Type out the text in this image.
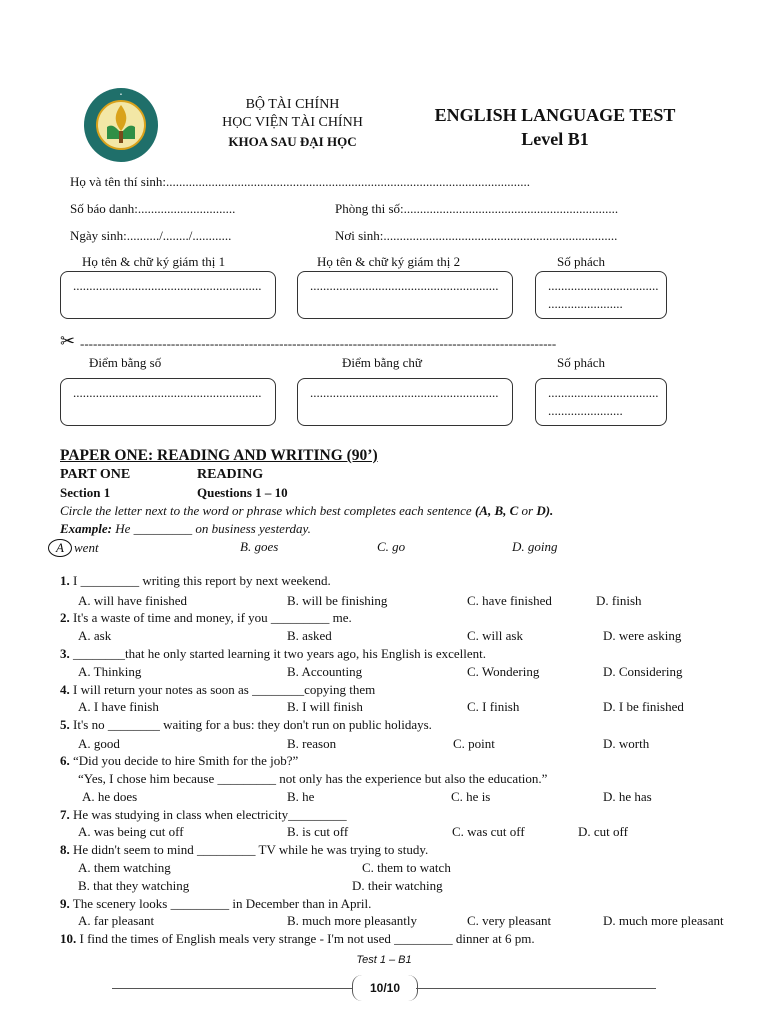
•
BỘ TÀI CHÍNH
HỌC VIỆN TÀI CHÍNH
KHOA SAU ĐẠI HỌC
ENGLISH LANGUAGE TEST
Level B1
Họ và tên thí sinh:................................................................................................................
Số báo danh:..............................	Phòng thi số:..................................................................
Ngày sinh:........../......../............	Nơi sinh:........................................................................
Họ tên & chữ ký giám thị 1	Họ tên & chữ ký giám thị 2	Số phách
..........................................................	..........................................................	..................................
.......................
✂ --------------------------------------------------------------------------------------------------------------
Điểm bằng số	Điểm bằng chữ	Số phách
..........................................................	..........................................................	..................................
.......................
PAPER ONE: READING AND WRITING (90’)
PART ONE	READING
Section 1	Questions 1 – 10
Circle the letter next to the word or phrase which best completes each sentence (A, B, C or D).
Example: He _________ on business yesterday.
A went	B. goes	C. go	D. going
1. I _________ writing this report by next weekend.
A. will have finished	B. will be finishing	C. have finished	D. finish
2. It's a waste of time and money, if you _________ me.
A. ask	B. asked	C. will ask	D. were asking
3. ________that he only started learning it two years ago, his English is excellent.
A. Thinking	B. Accounting	C. Wondering	D. Considering
4. I will return your notes as soon as ________copying them
A. I have finish	B. I will finish	C. I finish	D. I be finished
5. It's no ________ waiting for a bus: they don't run on public holidays.
A. good	B. reason	C. point	D. worth
6. “Did you decide to hire Smith for the job?”
“Yes, I chose him because _________ not only has the experience but also the education.”
A. he does	B. he	C. he is	D. he has
7. He was studying in class when electricity_________
A. was being cut off	B. is cut off	C. was cut off	D. cut off
8. He didn't seem to mind _________ TV while he was trying to study.
A. them watching	C. them to watch
B. that they watching	D. their watching
9. The scenery looks _________ in December than in April.
A. far pleasant	B. much more pleasantly	C. very pleasant	D. much more pleasant
10. I find the times of English meals very strange - I'm not used _________ dinner at 6 pm.
Test 1 – B1
10/10
